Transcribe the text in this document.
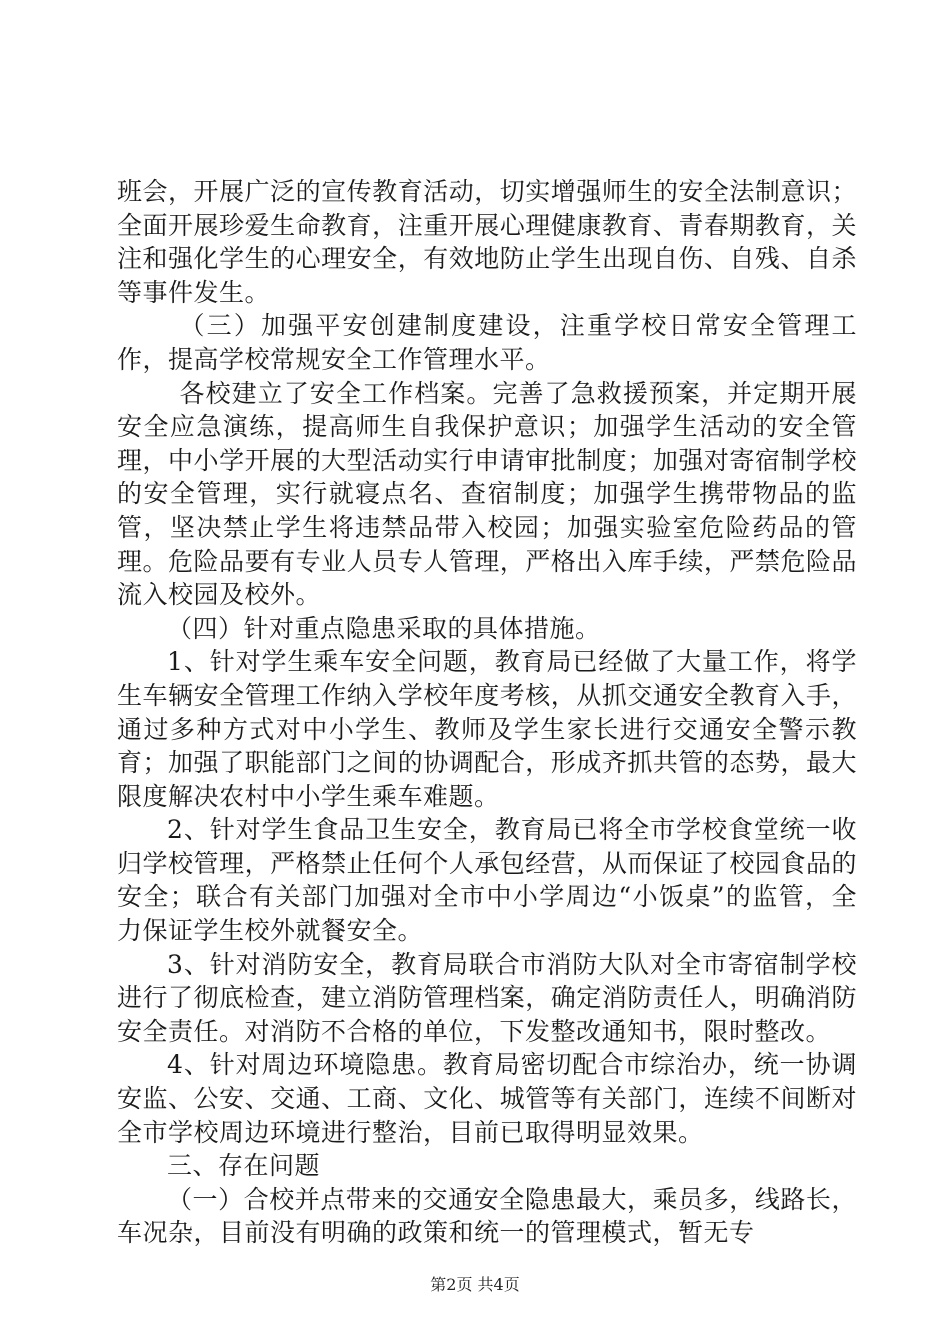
班会，开展广泛的宣传教育活动，切实增强师生的安全法制意识；全面开展珍爱生命教育，注重开展心理健康教育、青春期教育，关注和强化学生的心理安全，有效地防止学生出现自伤、自残、自杀等事件发生。

（三）加强平安创建制度建设，注重学校日常安全管理工作，提高学校常规安全工作管理水平。

各校建立了安全工作档案。完善了急救援预案，并定期开展安全应急演练，提高师生自我保护意识；加强学生活动的安全管理，中小学开展的大型活动实行申请审批制度；加强对寄宿制学校的安全管理，实行就寝点名、查宿制度；加强学生携带物品的监管，坚决禁止学生将违禁品带入校园；加强实验室危险药品的管理。危险品要有专业人员专人管理，严格出入库手续，严禁危险品流入校园及校外。

（四）针对重点隐患采取的具体措施。

1、针对学生乘车安全问题，教育局已经做了大量工作，将学生车辆安全管理工作纳入学校年度考核，从抓交通安全教育入手，通过多种方式对中小学生、教师及学生家长进行交通安全警示教育；加强了职能部门之间的协调配合，形成齐抓共管的态势，最大限度解决农村中小学生乘车难题。

2、针对学生食品卫生安全，教育局已将全市学校食堂统一收归学校管理，严格禁止任何个人承包经营，从而保证了校园食品的安全；联合有关部门加强对全市中小学周边“小饭桌”的监管，全力保证学生校外就餐安全。

3、针对消防安全，教育局联合市消防大队对全市寄宿制学校进行了彻底检查，建立消防管理档案，确定消防责任人，明确消防安全责任。对消防不合格的单位，下发整改通知书，限时整改。

4、针对周边环境隐患。教育局密切配合市综治办，统一协调安监、公安、交通、工商、文化、城管等有关部门，连续不间断对全市学校周边环境进行整治，目前已取得明显效果。

三、存在问题

（一）合校并点带来的交通安全隐患最大，乘员多，线路长，车况杂，目前没有明确的政策和统一的管理模式，暂无专

第2页 共4页
